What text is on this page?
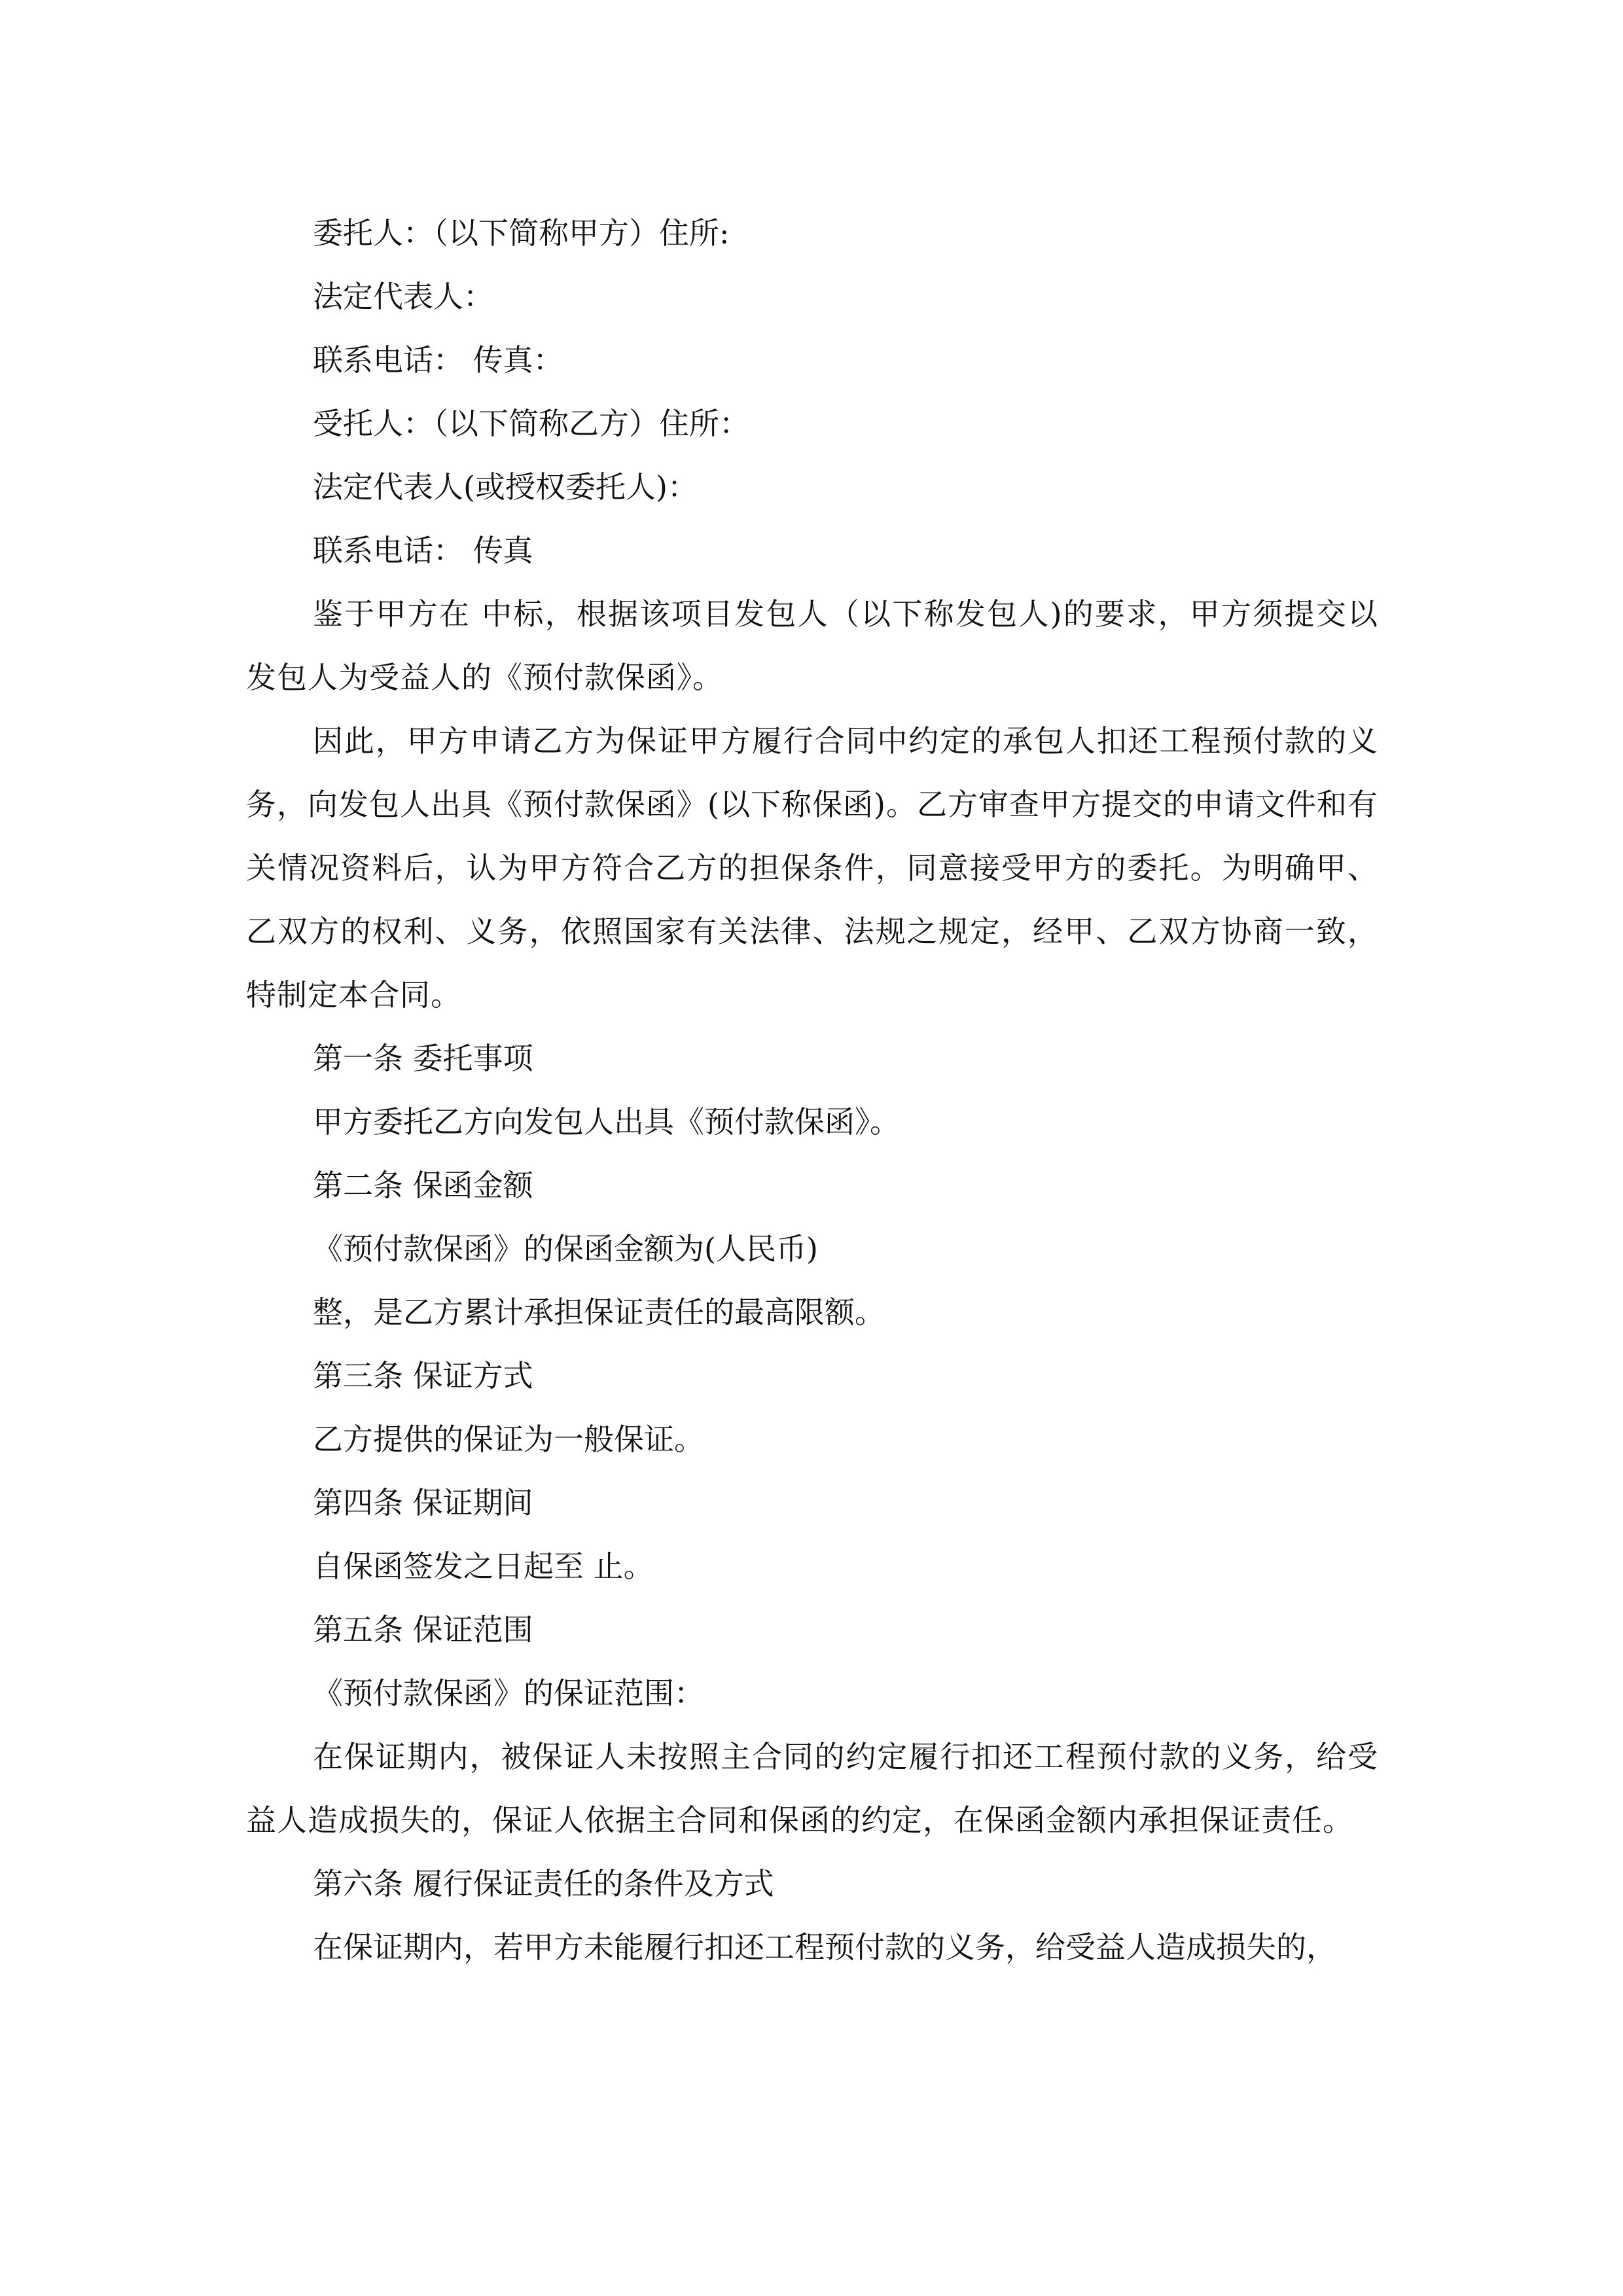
委托人：（以下简称甲方）住所:

法定代表人：

联系电话： 传真：

受托人：（以下简称乙方）住所：

法定代表人(或授权委托人)：

联系电话： 传真

鉴于甲方在 中标，根据该项目发包人（以下称发包人)的要求，甲方须提交以发包人为受益人的《预付款保函》。

因此，甲方申请乙方为保证甲方履行合同中约定的承包人扣还工程预付款的义务，向发包人出具《预付款保函》(以下称保函)。乙方审查甲方提交的申请文件和有关情况资料后，认为甲方符合乙方的担保条件，同意接受甲方的委托。为明确甲、乙双方的权利、义务，依照国家有关法律、法规之规定，经甲、乙双方协商一致，特制定本合同。

第一条 委托事项

甲方委托乙方向发包人出具《预付款保函》。

第二条 保函金额

《预付款保函》的保函金额为(人民币)

整，是乙方累计承担保证责任的最高限额。

第三条 保证方式

乙方提供的保证为一般保证。

第四条 保证期间

自保函签发之日起至 止。

第五条 保证范围

《预付款保函》的保证范围：

在保证期内，被保证人未按照主合同的约定履行扣还工程预付款的义务，给受益人造成损失的，保证人依据主合同和保函的约定，在保函金额内承担保证责任。

第六条 履行保证责任的条件及方式

在保证期内，若甲方未能履行扣还工程预付款的义务，给受益人造成损失的，
